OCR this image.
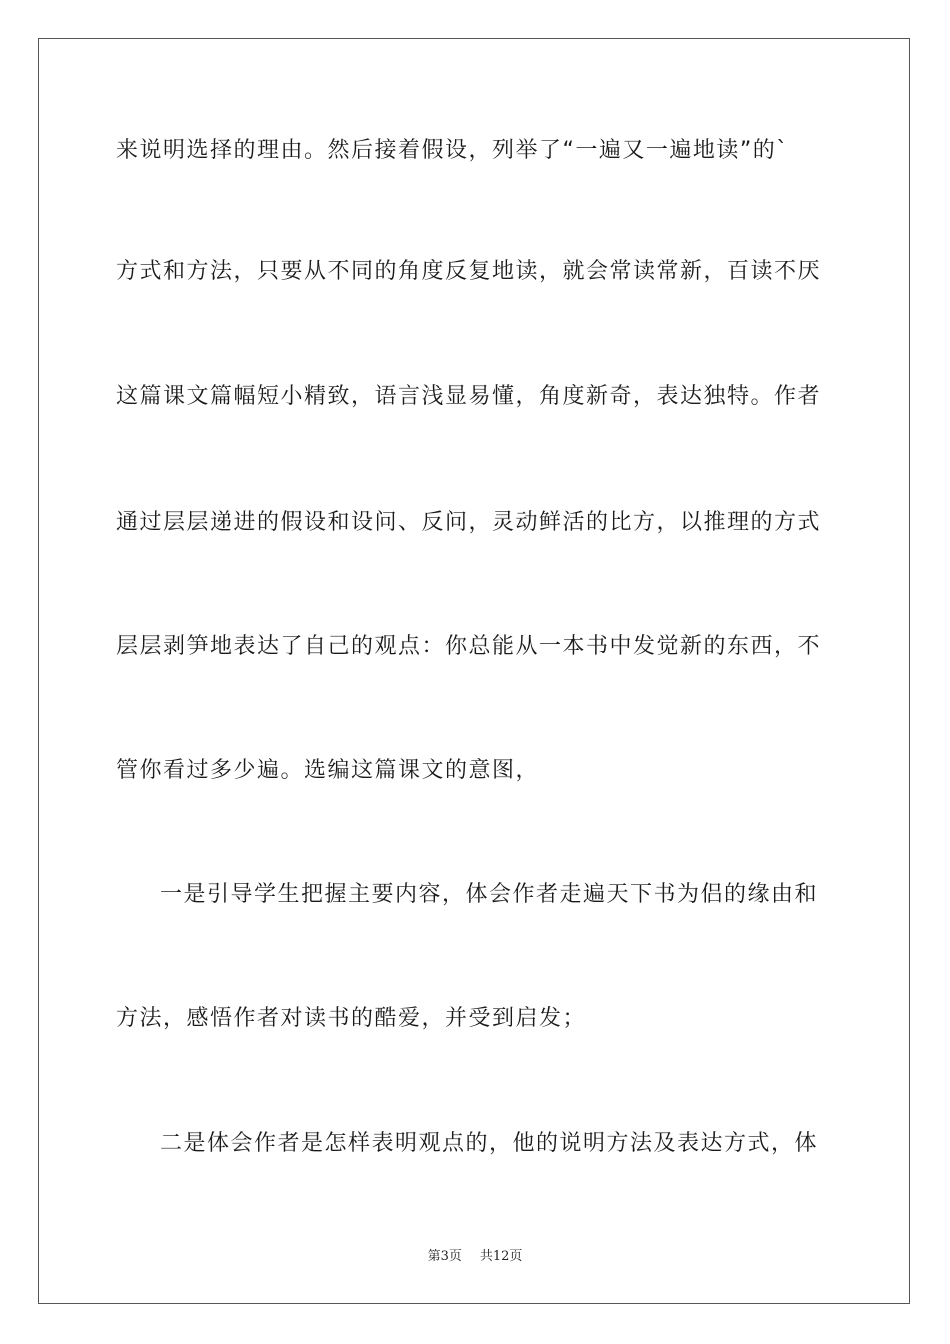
来说明选择的理由。然后接着假设，列举了“一遍又一遍地读”的`
方式和方法，只要从不同的角度反复地读，就会常读常新，百读不厌
这篇课文篇幅短小精致，语言浅显易懂，角度新奇，表达独特。作者
通过层层递进的假设和设问、反问，灵动鲜活的比方，以推理的方式
层层剥笋地表达了自己的观点：你总能从一本书中发觉新的东西，不
管你看过多少遍。选编这篇课文的意图，
一是引导学生把握主要内容，体会作者走遍天下书为侣的缘由和
方法，感悟作者对读书的酷爱，并受到启发；
二是体会作者是怎样表明观点的，他的说明方法及表达方式，体
第3页 共12页
